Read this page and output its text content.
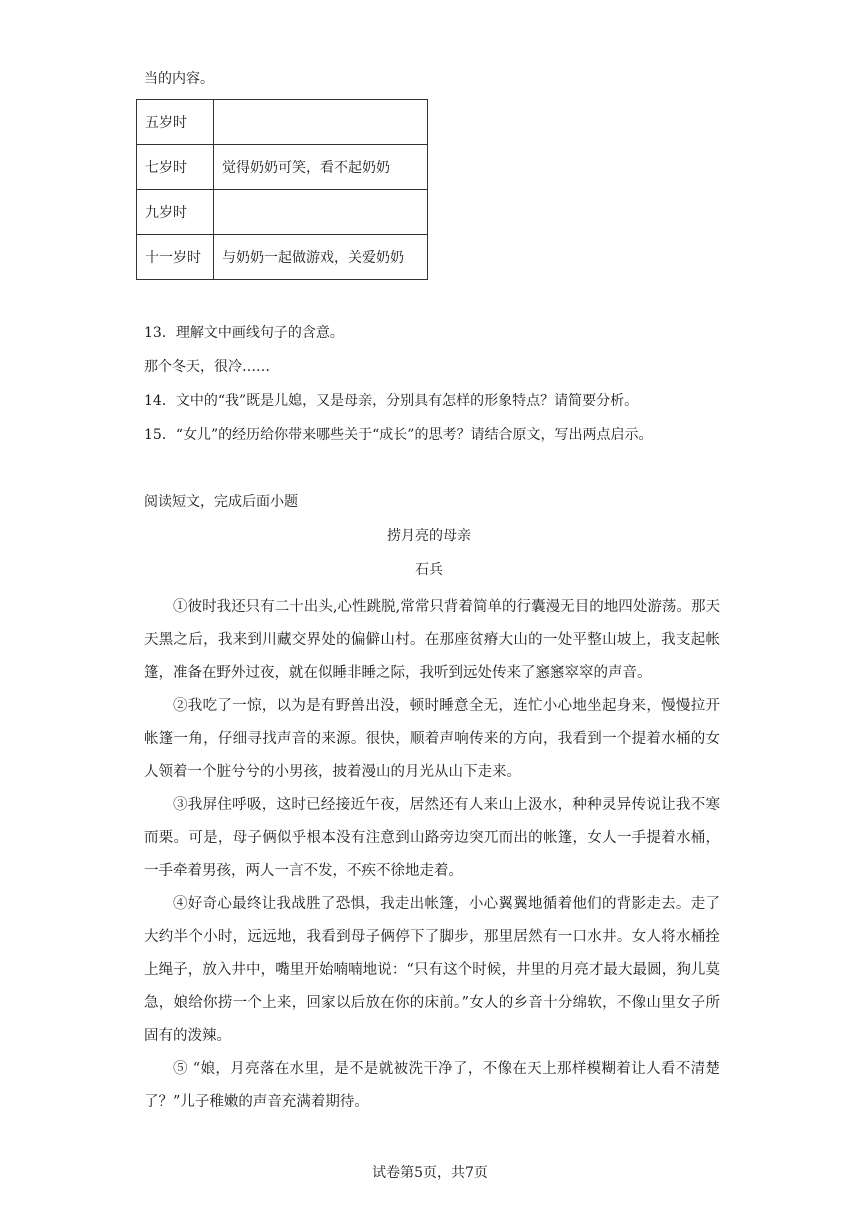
当的内容。
五岁时	
七岁时	觉得奶奶可笑，看不起奶奶
九岁时	
十一岁时	与奶奶一起做游戏，关爱奶奶
13．理解文中画线句子的含意。
那个冬天，很冷……
14．文中的“我”既是儿媳，又是母亲，分别具有怎样的形象特点？请简要分析。
15．“女儿”的经历给你带来哪些关于“成长”的思考？请结合原文，写出两点启示。
阅读短文，完成后面小题
捞月亮的母亲
石兵

①彼时我还只有二十出头,心性跳脱,常常只背着简单的行囊漫无目的地四处游荡。那天天黑之后，我来到川藏交界处的偏僻山村。在那座贫瘠大山的一处平整山坡上，我支起帐篷，准备在野外过夜，就在似睡非睡之际，我听到远处传来了窸窸窣窣的声音。

②我吃了一惊，以为是有野兽出没，顿时睡意全无，连忙小心地坐起身来，慢慢拉开帐篷一角，仔细寻找声音的来源。很快，顺着声响传来的方向，我看到一个提着水桶的女人领着一个脏兮兮的小男孩，披着漫山的月光从山下走来。

③我屏住呼吸，这时已经接近午夜，居然还有人来山上汲水，种种灵异传说让我不寒而栗。可是，母子俩似乎根本没有注意到山路旁边突兀而出的帐篷，女人一手提着水桶，一手牵着男孩，两人一言不发，不疾不徐地走着。

④好奇心最终让我战胜了恐惧，我走出帐篷，小心翼翼地循着他们的背影走去。走了大约半个小时，远远地，我看到母子俩停下了脚步，那里居然有一口水井。女人将水桶拴上绳子，放入井中，嘴里开始喃喃地说：“只有这个时候，井里的月亮才最大最圆，狗儿莫急，娘给你捞一个上来，回家以后放在你的床前。”女人的乡音十分绵软，不像山里女子所固有的泼辣。

⑤ “娘，月亮落在水里，是不是就被洗干净了，不像在天上那样模糊着让人看不清楚了？”儿子稚嫩的声音充满着期待。

试卷第5页，共7页
